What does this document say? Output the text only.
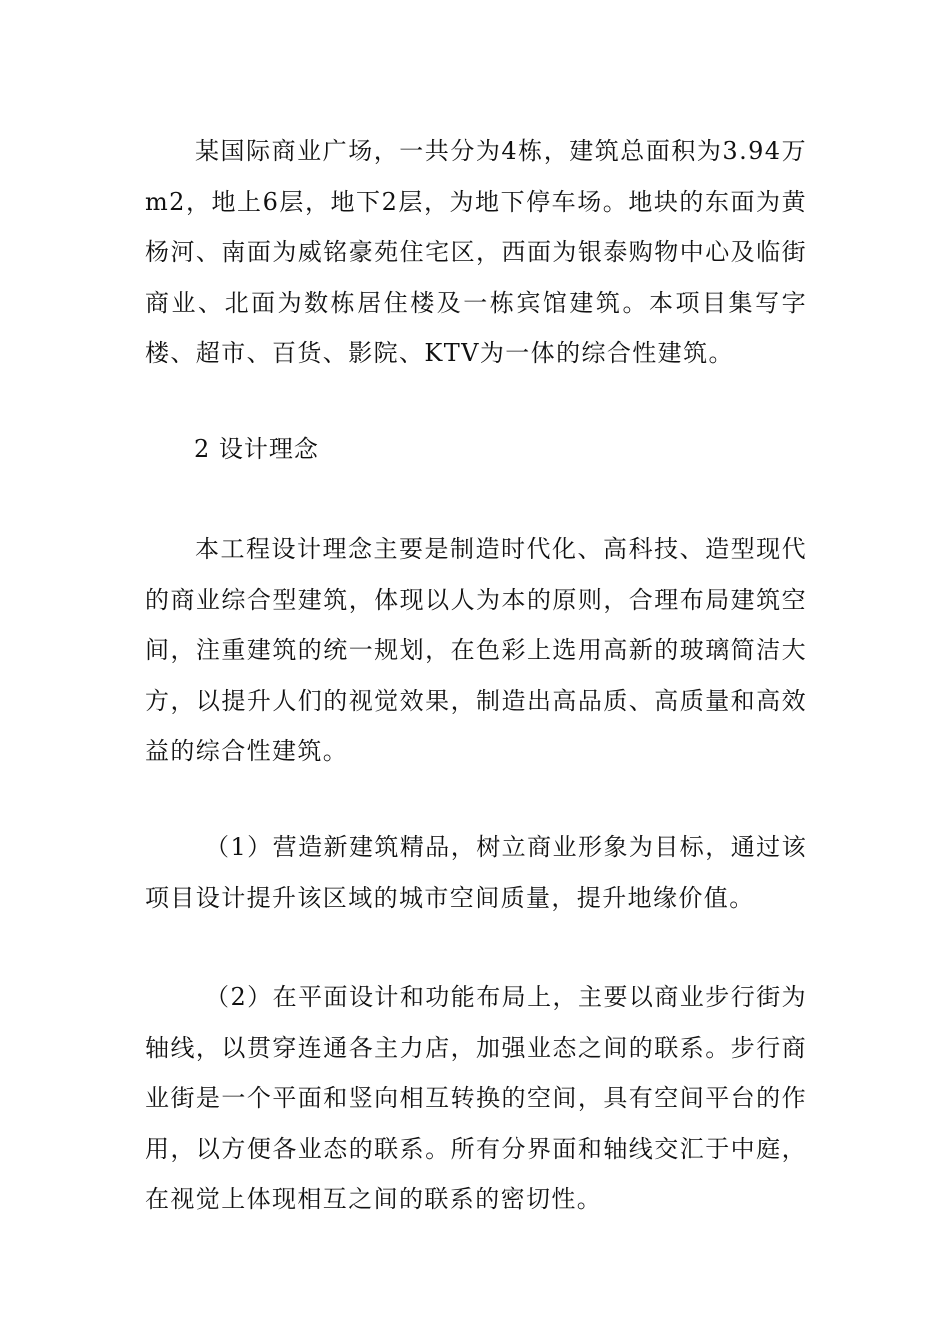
某国际商业广场，一共分为4栋，建筑总面积为3.94万m2，地上6层，地下2层，为地下停车场。地块的东面为黄杨河、南面为威铭豪苑住宅区，西面为银泰购物中心及临街商业、北面为数栋居住楼及一栋宾馆建筑。本项目集写字楼、超市、百货、影院、KTV为一体的综合性建筑。

2 设计理念

本工程设计理念主要是制造时代化、高科技、造型现代的商业综合型建筑，体现以人为本的原则，合理布局建筑空间，注重建筑的统一规划，在色彩上选用高新的玻璃简洁大方，以提升人们的视觉效果，制造出高品质、高质量和高效益的综合性建筑。

（1）营造新建筑精品，树立商业形象为目标，通过该项目设计提升该区域的城市空间质量，提升地缘价值。

（2）在平面设计和功能布局上，主要以商业步行街为轴线，以贯穿连通各主力店，加强业态之间的联系。步行商业街是一个平面和竖向相互转换的空间，具有空间平台的作用，以方便各业态的联系。所有分界面和轴线交汇于中庭，在视觉上体现相互之间的联系的密切性。
